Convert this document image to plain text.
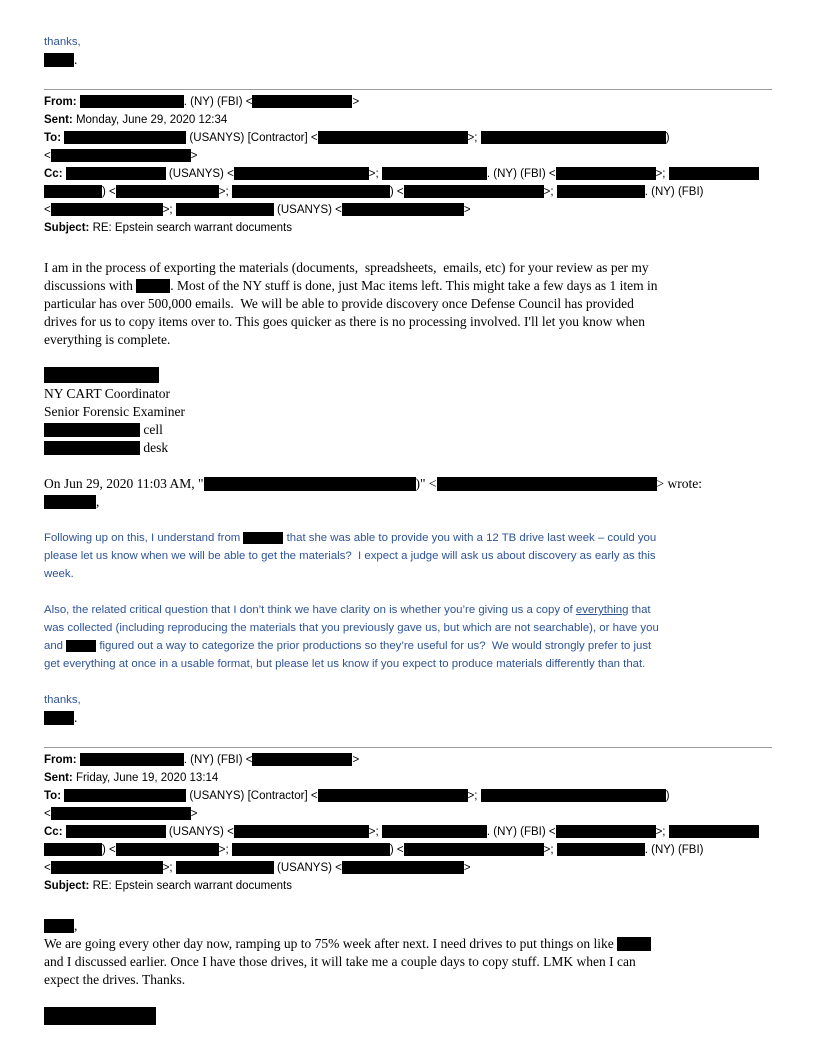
thanks,
.
From:	. (NY) (FBI) <	>
Sent: Monday, June 29, 2020 12:34
To:	(USANYS) [Contractor] <	>;	)
<	>
Cc:	(USANYS) <	>;	. (NY) (FBI) <	>;
) <	>;	) <	>;	. (NY) (FBI)
<	>;	(USANYS) <	>
Subject: RE: Epstein search warrant documents
I am in the process of exporting the materials (documents,  spreadsheets,  emails, etc) for your review as per my
discussions with	. Most of the NY stuff is done, just Mac items left. This might take a few days as 1 item in
particular has over 500,000 emails.  We will be able to provide discovery once Defense Council has provided
drives for us to copy items over to. This goes quicker as there is no processing involved. I'll let you know when
everything is complete.
NY CART Coordinator
Senior Forensic Examiner
cell
desk
On Jun 29, 2020 11:03 AM, "	)" <	> wrote:
,
Following up on this, I understand from	that she was able to provide you with a 12 TB drive last week – could you
please let us know when we will be able to get the materials?  I expect a judge will ask us about discovery as early as this
week.
Also, the related critical question that I don’t think we have clarity on is whether you’re giving us a copy of everything that
was collected (including reproducing the materials that you previously gave us, but which are not searchable), or have you
and	figured out a way to categorize the prior productions so they’re useful for us?  We would strongly prefer to just
get everything at once in a usable format, but please let us know if you expect to produce materials differently than that.
thanks,
.
From:	. (NY) (FBI) <	>
Sent: Friday, June 19, 2020 13:14
To:	(USANYS) [Contractor] <	>;	)
<	>
Cc:	(USANYS) <	>;	. (NY) (FBI) <	>;
) <	>;	) <	>;	. (NY) (FBI)
<	>;	(USANYS) <	>
Subject: RE: Epstein search warrant documents
,
We are going every other day now, ramping up to 75% week after next. I need drives to put things on like
and I discussed earlier. Once I have those drives, it will take me a couple days to copy stuff. LMK when I can
expect the drives. Thanks.
